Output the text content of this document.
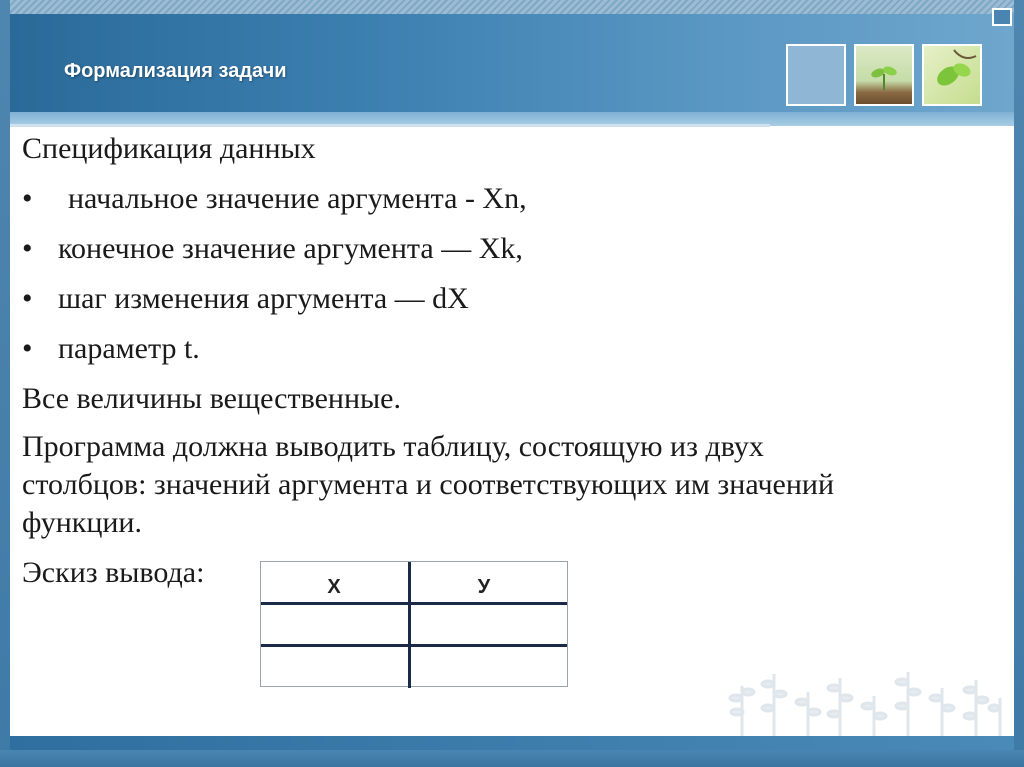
Формализация задачи

Спецификация данных

•	начальное значение аргумента - Xn,
• конечное значение аргумента — Xk,
• шаг изменения аргумента — dX
• параметр t.

Все величины вещественные.

Программа должна выводить таблицу, состоящую из двух

столбцов: значений аргумента и соответствующих им значений

функции.

Эскиз вывода:	X	У
